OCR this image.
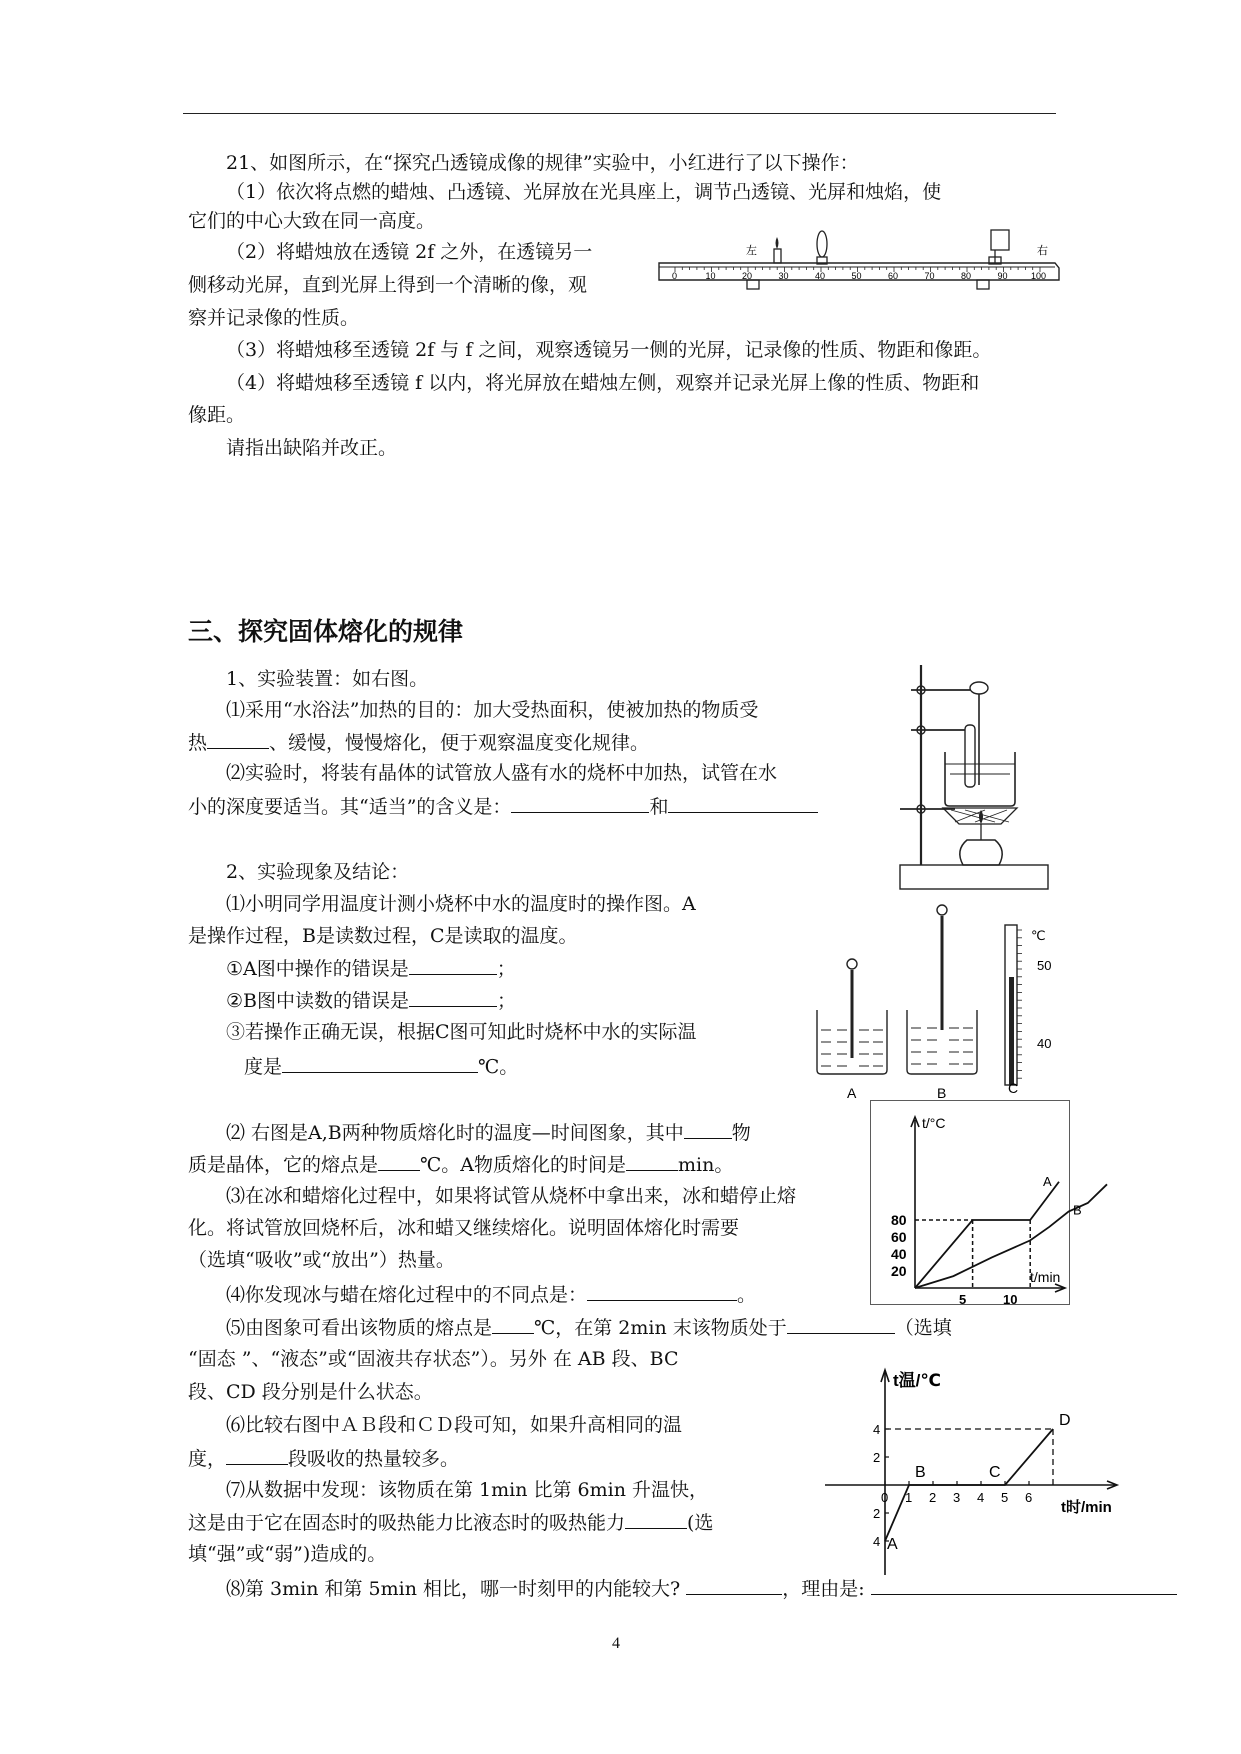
21、如图所示，在“探究凸透镜成像的规律”实验中，小红进行了以下操作：
（1）依次将点燃的蜡烛、凸透镜、光屏放在光具座上，调节凸透镜、光屏和烛焰，使
它们的中心大致在同一高度。
（2）将蜡烛放在透镜 2f 之外，在透镜另一
侧移动光屏，直到光屏上得到一个清晰的像，观
察并记录像的性质。
（3）将蜡烛移至透镜 2f 与 f 之间，观察透镜另一侧的光屏，记录像的性质、物距和像距。
（4）将蜡烛移至透镜 f 以内，将光屏放在蜡烛左侧，观察并记录光屏上像的性质、物距和
像距。
请指出缺陷并改正。
左	右
0	10	20	30	40	50	60	70	80	90	100
三、探究固体熔化的规律
1、实验装置：如右图。
⑴采用“水浴法”加热的目的：加大受热面积，使被加热的物质受
热	、缓慢，慢慢熔化，便于观察温度变化规律。
⑵实验时，将装有晶体的试管放人盛有水的烧杯中加热，试管在水
小的深度要适当。其“适当”的含义是：	和
2、实验现象及结论：
⑴小明同学用温度计测小烧杯中水的温度时的操作图。A
是操作过程，B是读数过程，C是读取的温度。
①A图中操作的错误是	；
②B图中读数的错误是	；
③若操作正确无误，根据C图可知此时烧杯中水的实际温
度是	℃。
A	B
℃
50
40
C
⑵ 右图是A,B两种物质熔化时的温度—时间图象，其中	物
质是晶体，它的熔点是 ℃。A物质熔化的时间是	min。
⑶在冰和蜡熔化过程中，如果将试管从烧杯中拿出来，冰和蜡停止熔
化。将试管放回烧杯后，冰和蜡又继续熔化。说明固体熔化时需要
（选填“吸收”或“放出”）热量。
⑷你发现冰与蜡在熔化过程中的不同点是：	。
⑸由图象可看出该物质的熔点是 ℃，在第 2min 末该物质处于	（选填
“固态 ”、“液态”或“固液共存状态”）。另外 在 AB 段、BC
段、CD 段分别是什么状态。
⑹比较右图中ＡＢ段和ＣＤ段可知，如果升高相同的温
度，	段吸收的热量较多。
⑺从数据中发现：该物质在第 1min 比第 6min 升温快，
这是由于它在固态时的吸热能力比液态时的吸热能力	(选
填“强”或“弱”)造成的。
⑻第 3min 和第 5min 相比，哪一时刻甲的内能较大?	，理由是:
t/°C
t/min
20
40
60
80
5	10
A
B
t温/℃
t时/min
0 1 2 3 4 5 6
4
2
2
4
A
B	C
D
4
